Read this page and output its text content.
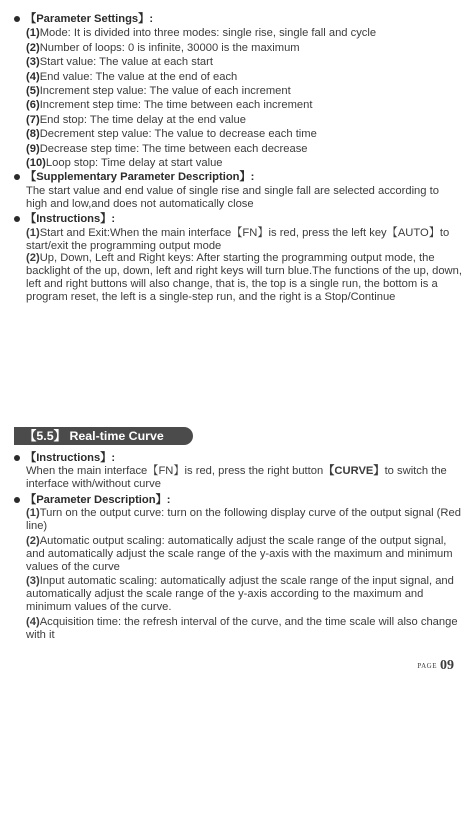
【Parameter Settings】:

(1)Mode: It is divided into three modes: single rise, single fall and cycle

(2)Number of loops: 0 is infinite, 30000 is the maximum

(3)Start value: The value at each start

(4)End value: The value at the end of each

(5)Increment step value: The value of each increment

(6)Increment step time: The time between each increment

(7)End stop: The time delay at the end value

(8)Decrement step value: The value to decrease each time

(9)Decrease step time: The time between each decrease

(10)Loop stop: Time delay at start value

【Supplementary Parameter Description】:

The start value and end value of single rise and single fall are selected according to high and low,and does not automatically close

【Instructions】:

(1)Start and Exit:When the main interface【FN】is red, press the left key【AUTO】to start/exit the programming output mode

(2)Up, Down, Left and Right keys: After starting the programming output mode, the backlight of the up, down, left and right keys will turn blue.The functions of the up, down, left and right buttons will also change, that is, the top is a single run, the bottom is a program reset, the left is a single-step run, and the right is a Stop/Continue

【5.5】 Real-time Curve
【Instructions】:

When the main interface【FN】is red, press the right button【CURVE】to switch the interface with/without curve

【Parameter Description】:

(1)Turn on the output curve: turn on the following display curve of the output signal (Red line)

(2)Automatic output scaling: automatically adjust the scale range of the output signal, and automatically adjust the scale range of the y-axis with the maximum and minimum values of the curve

(3)Input automatic scaling: automatically adjust the scale range of the input signal, and automatically adjust the scale range of the y-axis according to the maximum and minimum values of the curve.

(4)Acquisition time: the refresh interval of the curve, and the time scale will also change with it

PAGE 09
